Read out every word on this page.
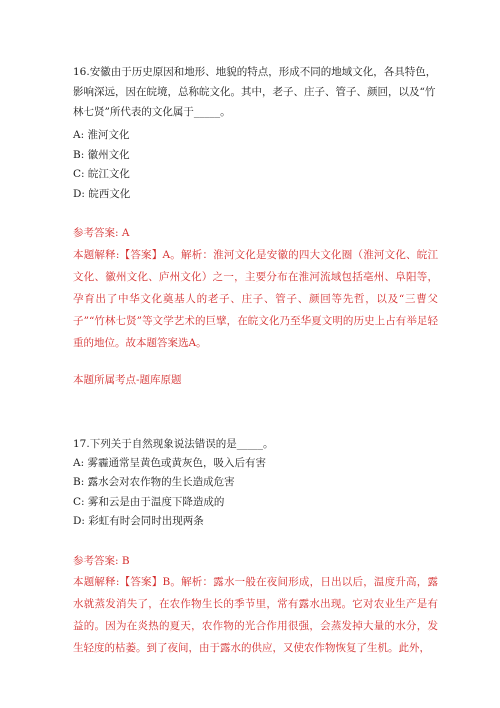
16.安徽由于历史原因和地形、地貌的特点，形成不同的地域文化，各具特色，影响深远，因在皖境，总称皖文化。其中，老子、庄子、管子、颜回，以及“竹林七贤”所代表的文化属于_____。

A: 淮河文化

B: 徽州文化

C: 皖江文化

D: 皖西文化

参考答案: A

本题解释:【答案】A。解析：淮河文化是安徽的四大文化圈（淮河文化、皖江文化、徽州文化、庐州文化）之一，主要分布在淮河流域包括亳州、阜阳等，孕育出了中华文化奠基人的老子、庄子、管子、颜回等先哲，以及“三曹父子”“竹林七贤”等文学艺术的巨擘，在皖文化乃至华夏文明的历史上占有举足轻重的地位。故本题答案选A。

本题所属考点-题库原题

17.下列关于自然现象说法错误的是_____。

A: 雾霾通常呈黄色或黄灰色，吸入后有害

B: 露水会对农作物的生长造成危害

C: 雾和云是由于温度下降造成的

D: 彩虹有时会同时出现两条

参考答案: B

本题解释:【答案】B。解析：露水一般在夜间形成，日出以后，温度升高，露水就蒸发消失了，在农作物生长的季节里，常有露水出现。它对农业生产是有益的。因为在炎热的夏天，农作物的光合作用很强，会蒸发掉大量的水分，发生轻度的枯萎。到了夜间，由于露水的供应，又使农作物恢复了生机。此外，
